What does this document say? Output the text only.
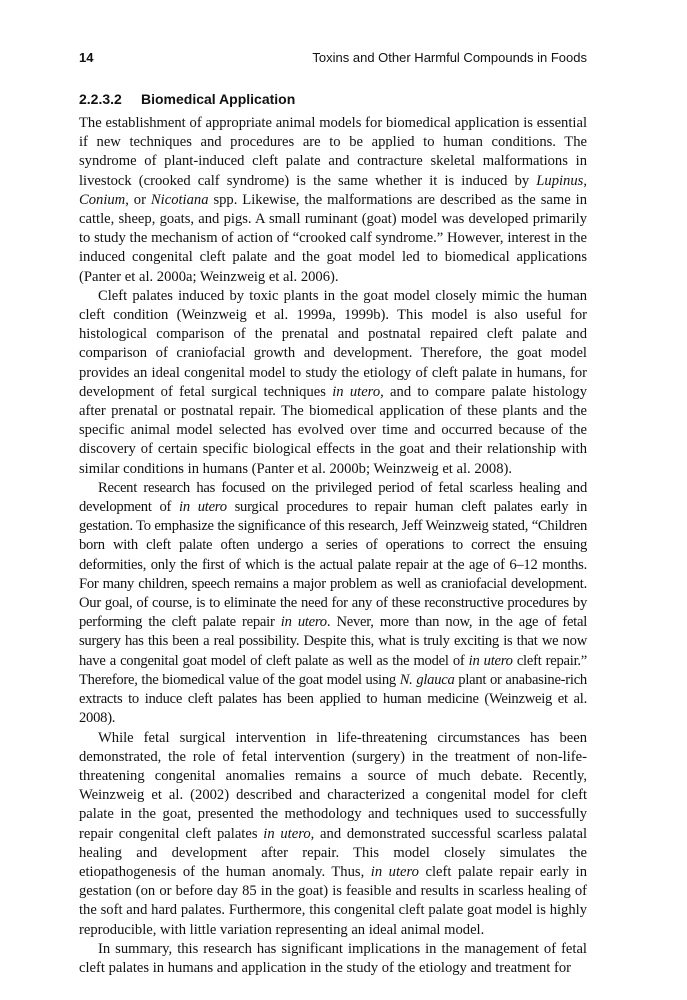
14	Toxins and Other Harmful Compounds in Foods
2.2.3.2 Biomedical Application

The establishment of appropriate animal models for biomedical application is essential if new techniques and procedures are to be applied to human conditions. The syndrome of plant-induced cleft palate and contracture skeletal malformations in livestock (crooked calf syndrome) is the same whether it is induced by Lupinus, Conium, or Nicotiana spp. Likewise, the malformations are described as the same in cattle, sheep, goats, and pigs. A small ruminant (goat) model was developed primarily to study the mechanism of action of “crooked calf syndrome.” However, interest in the induced congenital cleft palate and the goat model led to biomedical applications (Panter et al. 2000a; Weinzweig et al. 2006).

Cleft palates induced by toxic plants in the goat model closely mimic the human cleft condition (Weinzweig et al. 1999a, 1999b). This model is also useful for histological comparison of the prenatal and postnatal repaired cleft palate and comparison of craniofacial growth and development. Therefore, the goat model provides an ideal congenital model to study the etiology of cleft palate in humans, for development of fetal surgical techniques in utero, and to compare palate histology after prenatal or postnatal repair. The biomedical application of these plants and the specific animal model selected has evolved over time and occurred because of the discovery of certain specific biological effects in the goat and their relationship with similar conditions in humans (Panter et al. 2000b; Weinzweig et al. 2008).

Recent research has focused on the privileged period of fetal scarless healing and development of in utero surgical procedures to repair human cleft palates early in gestation. To emphasize the significance of this research, Jeff Weinzweig stated, “Children born with cleft palate often undergo a series of operations to correct the ensuing deformities, only the first of which is the actual palate repair at the age of 6–12 months. For many children, speech remains a major problem as well as craniofacial development. Our goal, of course, is to eliminate the need for any of these reconstructive procedures by performing the cleft palate repair in utero. Never, more than now, in the age of fetal surgery has this been a real possibility. Despite this, what is truly exciting is that we now have a congenital goat model of cleft palate as well as the model of in utero cleft repair.” Therefore, the biomedical value of the goat model using N. glauca plant or anabasine-rich extracts to induce cleft palates has been applied to human medicine (Weinzweig et al. 2008).

While fetal surgical intervention in life-threatening circumstances has been demonstrated, the role of fetal intervention (surgery) in the treatment of non-life-threatening congenital anomalies remains a source of much debate. Recently, Weinzweig et al. (2002) described and characterized a congenital model for cleft palate in the goat, presented the methodology and techniques used to successfully repair congenital cleft palates in utero, and demonstrated successful scarless palatal healing and development after repair. This model closely simulates the etiopathogenesis of the human anomaly. Thus, in utero cleft palate repair early in gestation (on or before day 85 in the goat) is feasible and results in scarless healing of the soft and hard palates. Furthermore, this congenital cleft palate goat model is highly reproducible, with little variation representing an ideal animal model.

In summary, this research has significant implications in the management of fetal cleft palates in humans and application in the study of the etiology and treatment for
